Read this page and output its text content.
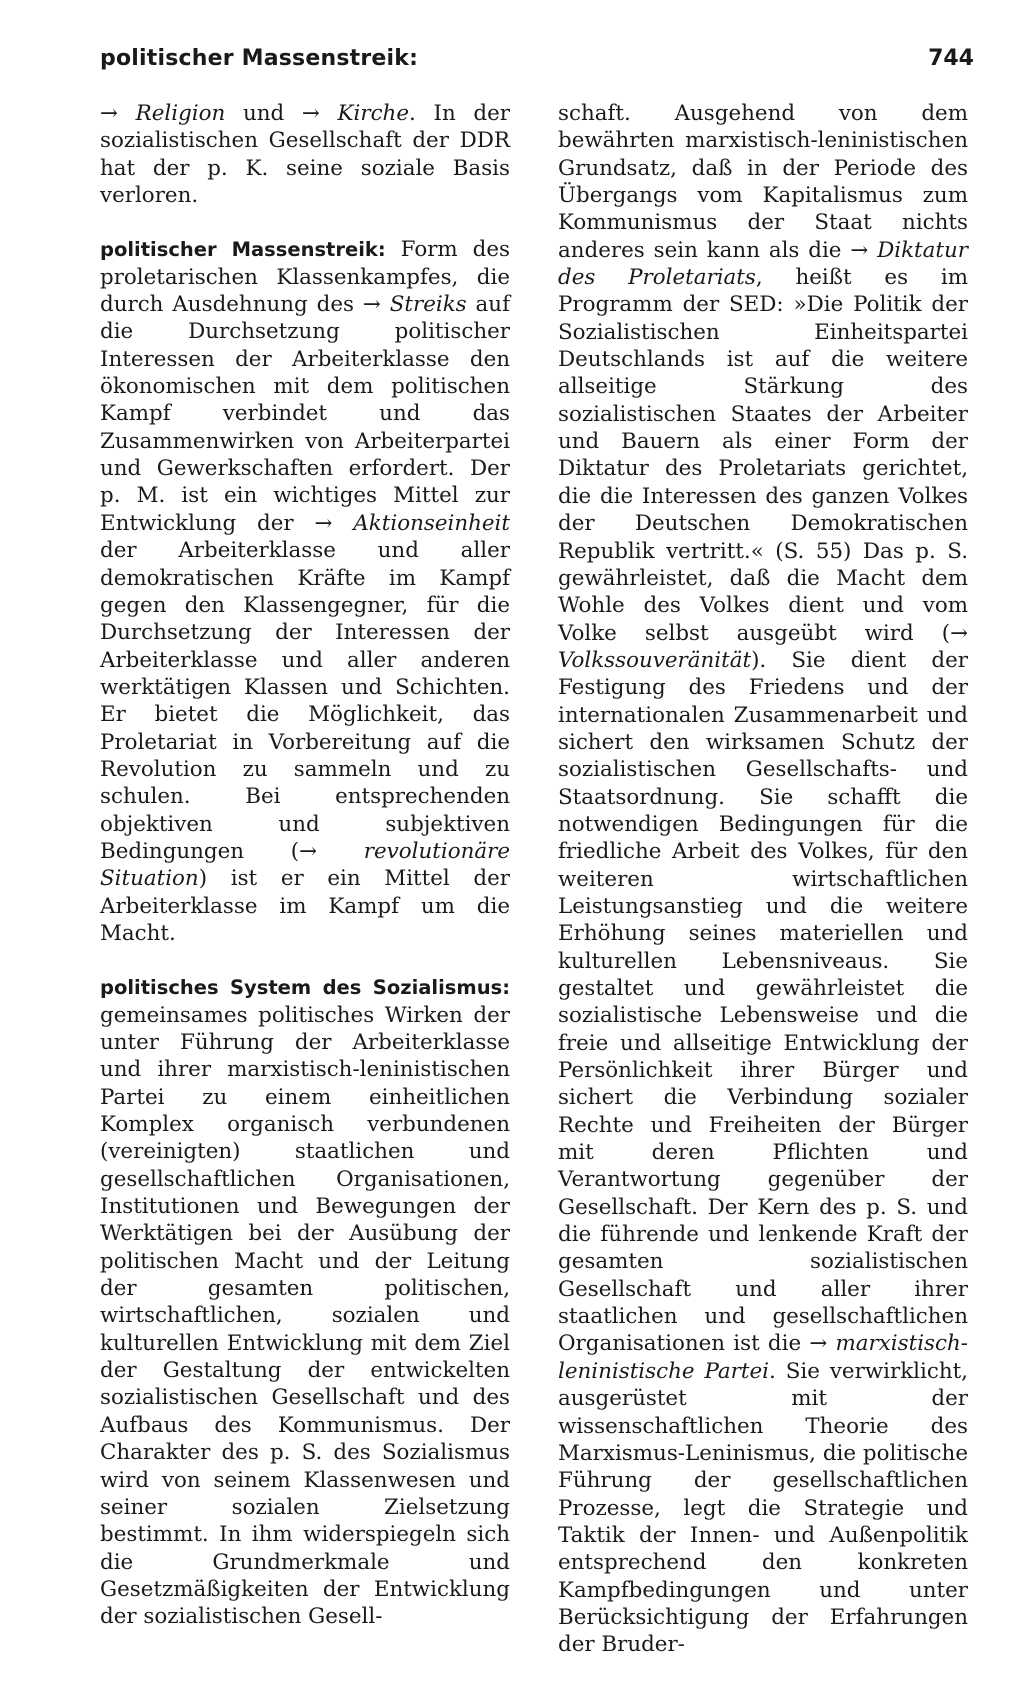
politischer Massenstreik:	744

→ Religion und → Kirche. In der sozialistischen Gesellschaft der DDR hat der p. K. seine soziale Basis verloren.

politischer Massenstreik: Form des proletarischen Klassenkampfes, die durch Ausdehnung des → Streiks auf die Durchsetzung politischer Interessen der Arbeiterklasse den ökonomischen mit dem politischen Kampf verbindet und das Zusammenwirken von Arbeiterpartei und Gewerkschaften erfordert. Der p. M. ist ein wichtiges Mittel zur Entwicklung der → Aktionseinheit der Arbeiterklasse und aller demokratischen Kräfte im Kampf gegen den Klassengegner, für die Durchsetzung der Interessen der Arbeiterklasse und aller anderen werktätigen Klassen und Schichten. Er bietet die Möglichkeit, das Proletariat in Vorbereitung auf die Revolution zu sammeln und zu schulen. Bei entsprechenden objektiven und subjektiven Bedingungen (→ revolutionäre Situation) ist er ein Mittel der Arbeiterklasse im Kampf um die Macht.

politisches System des Sozialismus: gemeinsames politisches Wirken der unter Führung der Arbeiterklasse und ihrer marxistisch-leninistischen Partei zu einem einheitlichen Komplex organisch verbundenen (vereinigten) staatlichen und gesellschaftlichen Organisationen, Institutionen und Bewegungen der Werktätigen bei der Ausübung der politischen Macht und der Leitung der gesamten politischen, wirtschaftlichen, sozialen und kulturellen Entwicklung mit dem Ziel der Gestaltung der entwickelten sozialistischen Gesellschaft und des Aufbaus des Kommunismus. Der Charakter des p. S. des Sozialismus wird von seinem Klassenwesen und seiner sozialen Zielsetzung bestimmt. In ihm widerspiegeln sich die Grundmerkmale und Gesetzmäßigkeiten der Entwicklung der sozialistischen Gesell-

schaft. Ausgehend von dem bewährten marxistisch-leninistischen Grundsatz, daß in der Periode des Übergangs vom Kapitalismus zum Kommunismus der Staat nichts anderes sein kann als die → Diktatur des Proletariats, heißt es im Programm der SED: »Die Politik der Sozialistischen Einheitspartei Deutschlands ist auf die weitere allseitige Stärkung des sozialistischen Staates der Arbeiter und Bauern als einer Form der Diktatur des Proletariats gerichtet, die die Interessen des ganzen Volkes der Deutschen Demokratischen Republik vertritt.« (S. 55) Das p. S. gewährleistet, daß die Macht dem Wohle des Volkes dient und vom Volke selbst ausgeübt wird (→ Volkssouveränität). Sie dient der Festigung des Friedens und der internationalen Zusammenarbeit und sichert den wirksamen Schutz der sozialistischen Gesellschafts- und Staatsordnung. Sie schafft die notwendigen Bedingungen für die friedliche Arbeit des Volkes, für den weiteren wirtschaftlichen Leistungsanstieg und die weitere Erhöhung seines materiellen und kulturellen Lebensniveaus. Sie gestaltet und gewährleistet die sozialistische Lebensweise und die freie und allseitige Entwicklung der Persönlichkeit ihrer Bürger und sichert die Verbindung sozialer Rechte und Freiheiten der Bürger mit deren Pflichten und Verantwortung gegenüber der Gesellschaft. Der Kern des p. S. und die führende und lenkende Kraft der gesamten sozialistischen Gesellschaft und aller ihrer staatlichen und gesellschaftlichen Organisationen ist die → marxistisch-leninistische Partei. Sie verwirklicht, ausgerüstet mit der wissenschaftlichen Theorie des Marxismus-Leninismus, die politische Führung der gesellschaftlichen Prozesse, legt die Strategie und Taktik der Innen- und Außenpolitik entsprechend den konkreten Kampfbedingungen und unter Berücksichtigung der Erfahrungen der Bruder-
